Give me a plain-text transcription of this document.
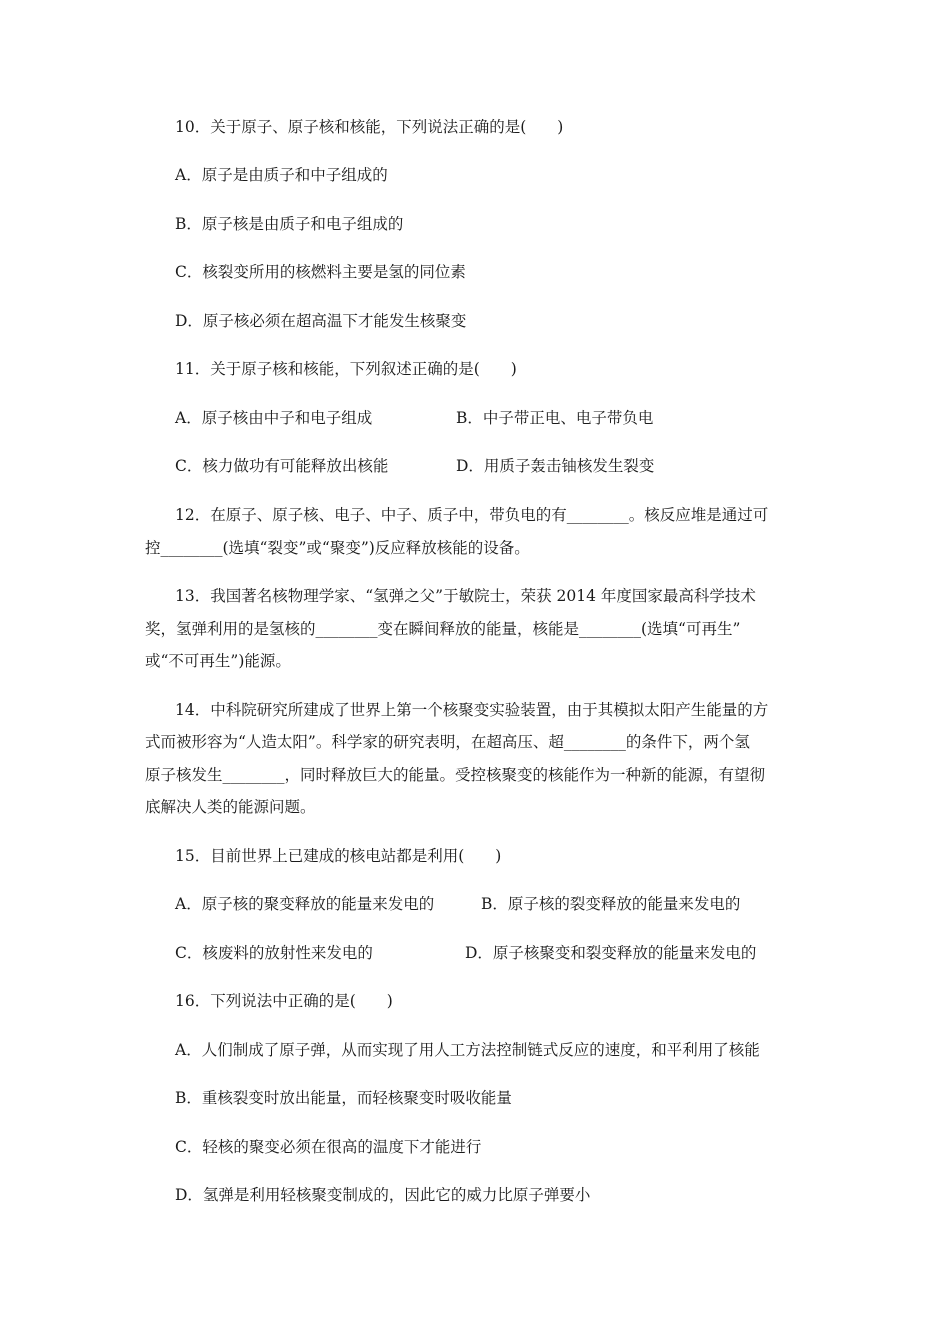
10．关于原子、原子核和核能，下列说法正确的是(　　)
A．原子是由质子和中子组成的
B．原子核是由质子和电子组成的
C．核裂变所用的核燃料主要是氢的同位素
D．原子核必须在超高温下才能发生核聚变
11．关于原子核和核能，下列叙述正确的是(　　)
A．原子核由中子和电子组成	B．中子带正电、电子带负电
C．核力做功有可能释放出核能	D．用质子轰击铀核发生裂变
12．在原子、原子核、电子、中子、质子中，带负电的有________。核反应堆是通过可
控________(选填“裂变”或“聚变”)反应释放核能的设备。
13．我国著名核物理学家、“氢弹之父”于敏院士，荣获 2014 年度国家最高科学技术
奖，氢弹利用的是氢核的________变在瞬间释放的能量，核能是________(选填“可再生”
或“不可再生”)能源。
14．中科院研究所建成了世界上第一个核聚变实验装置，由于其模拟太阳产生能量的方
式而被形容为“人造太阳”。科学家的研究表明，在超高压、超________的条件下，两个氢
原子核发生________，同时释放巨大的能量。受控核聚变的核能作为一种新的能源，有望彻
底解决人类的能源问题。
15．目前世界上已建成的核电站都是利用(　　)
A．原子核的聚变释放的能量来发电的	B．原子核的裂变释放的能量来发电的
C．核废料的放射性来发电的	D．原子核聚变和裂变释放的能量来发电的
16．下列说法中正确的是(　　)
A．人们制成了原子弹，从而实现了用人工方法控制链式反应的速度，和平利用了核能
B．重核裂变时放出能量，而轻核聚变时吸收能量
C．轻核的聚变必须在很高的温度下才能进行
D．氢弹是利用轻核聚变制成的，因此它的威力比原子弹要小
